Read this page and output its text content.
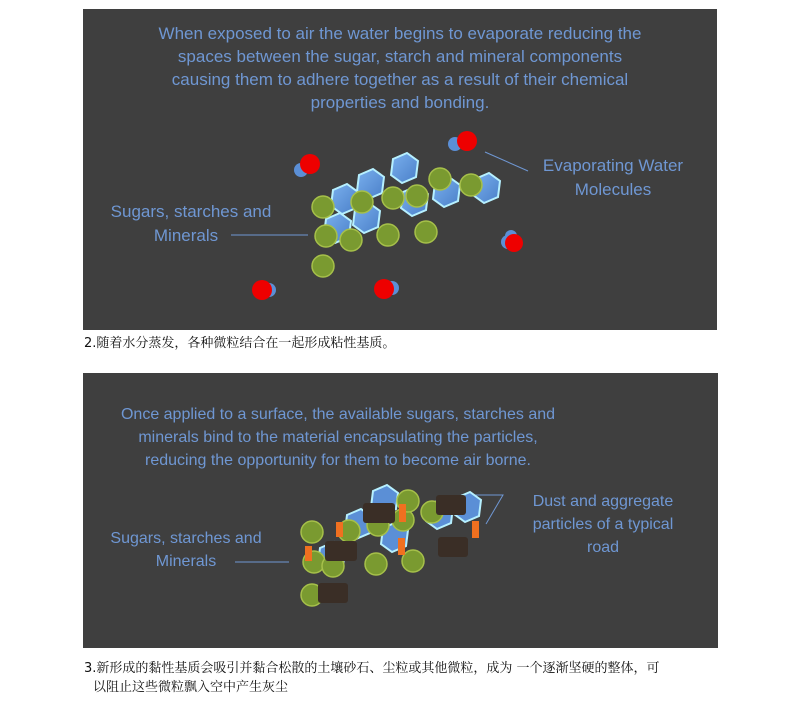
When exposed to air the water begins to evaporate reducing the
spaces between the sugar, starch and mineral components
causing them to adhere together as a result of their chemical
properties and bonding.
Sugars, starches and
Minerals
Evaporating Water
Molecules
2.随着水分蒸发，各种微粒结合在一起形成粘性基质。
Once applied to a surface, the available sugars, starches and
minerals bind to the material encapsulating the particles,
reducing the opportunity for them to become air borne.
Sugars, starches and
Minerals
Dust and aggregate
particles of a typical
road
3.新形成的黏性基质会吸引并黏合松散的土壤砂石、尘粒或其他微粒，成为 一个逐渐坚硬的整体，可
以阻止这些微粒飘入空中产生灰尘
